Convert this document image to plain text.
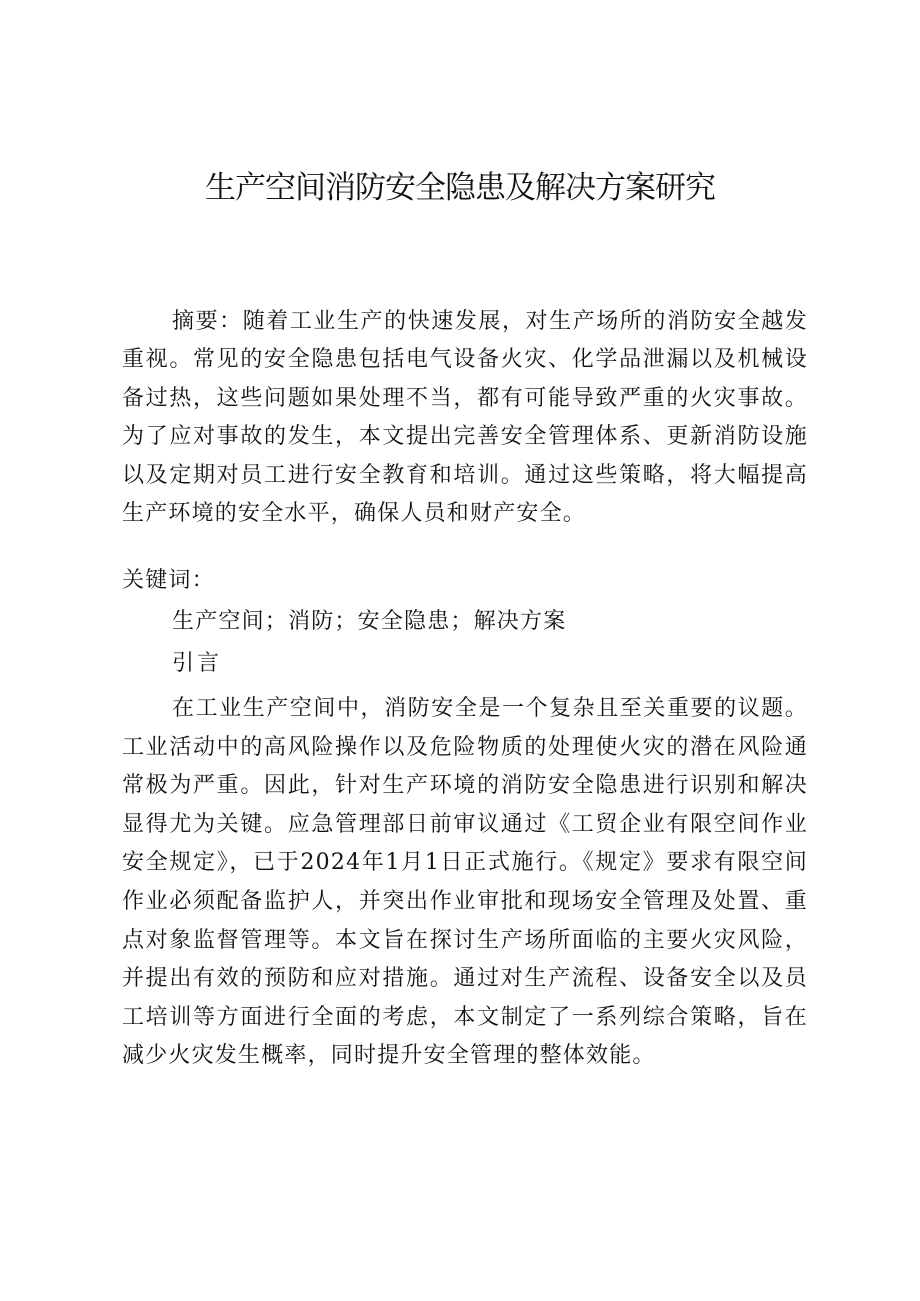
生产空间消防安全隐患及解决方案研究

摘要：随着工业生产的快速发展，对生产场所的消防安全越发重视。常见的安全隐患包括电气设备火灾、化学品泄漏以及机械设备过热，这些问题如果处理不当，都有可能导致严重的火灾事故。为了应对事故的发生，本文提出完善安全管理体系、更新消防设施以及定期对员工进行安全教育和培训。通过这些策略，将大幅提高生产环境的安全水平，确保人员和财产安全。

关键词：

生产空间；消防；安全隐患；解决方案

引言

在工业生产空间中，消防安全是一个复杂且至关重要的议题。工业活动中的高风险操作以及危险物质的处理使火灾的潜在风险通常极为严重。因此，针对生产环境的消防安全隐患进行识别和解决显得尤为关键。应急管理部日前审议通过《工贸企业有限空间作业安全规定》，已于2024年1月1日正式施行。《规定》要求有限空间作业必须配备监护人，并突出作业审批和现场安全管理及处置、重点对象监督管理等。本文旨在探讨生产场所面临的主要火灾风险，并提出有效的预防和应对措施。通过对生产流程、设备安全以及员工培训等方面进行全面的考虑，本文制定了一系列综合策略，旨在减少火灾发生概率，同时提升安全管理的整体效能。
